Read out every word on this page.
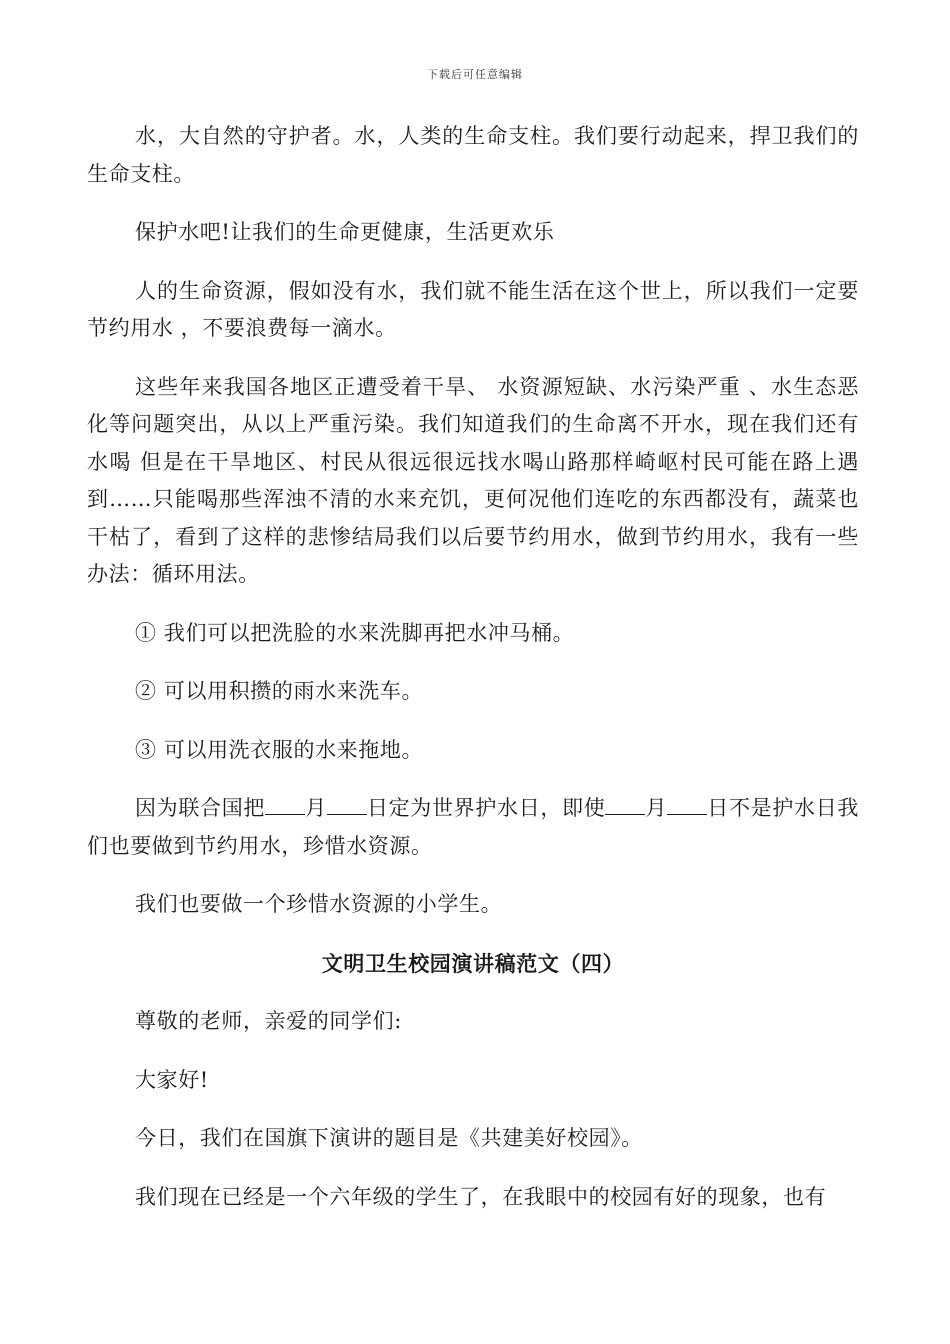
下载后可任意编辑

水，大自然的守护者。水，人类的生命支柱。我们要行动起来，捍卫我们的生命支柱。

保护水吧!让我们的生命更健康，生活更欢乐

人的生命资源，假如没有水，我们就不能生活在这个世上，所以我们一定要节约用水 ，不要浪费每一滴水。

这些年来我国各地区正遭受着干旱、 水资源短缺、水污染严重 、水生态恶化等问题突出，从以上严重污染。我们知道我们的生命离不开水，现在我们还有水喝 但是在干旱地区、村民从很远很远找水喝山路那样崎岖村民可能在路上遇到……只能喝那些浑浊不清的水来充饥，更何况他们连吃的东西都没有，蔬菜也干枯了，看到了这样的悲惨结局我们以后要节约用水，做到节约用水，我有一些办法：循环用法。

① 我们可以把洗脸的水来洗脚再把水冲马桶。

② 可以用积攒的雨水来洗车。

③ 可以用洗衣服的水来拖地。

因为联合国把 月 日定为世界护水日，即使 月 日不是护水日我们也要做到节约用水，珍惜水资源。

我们也要做一个珍惜水资源的小学生。

文明卫生校园演讲稿范文（四）

尊敬的老师，亲爱的同学们:

大家好!

今日，我们在国旗下演讲的题目是《共建美好校园》。

我们现在已经是一个六年级的学生了，在我眼中的校园有好的现象，也有
